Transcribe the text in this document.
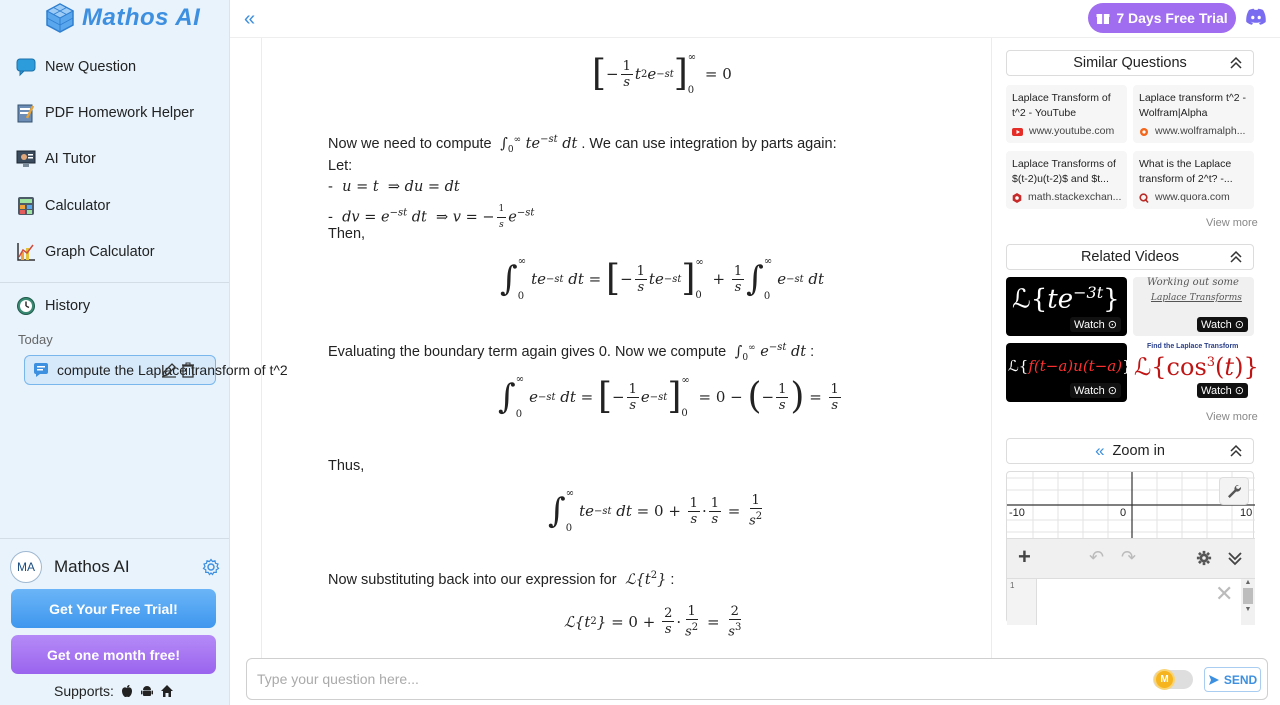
Mathos AI
New Question
PDF Homework Helper
AI Tutor
Calculator
Graph Calculator
History
Today
compute the Laplace transform of t^2
MA	Mathos AI
Get Your Free Trial!
Get one month free!
Supports:
«	7 Days Free Trial
[ − $\frac{1}{s}$ t 2 e −st ] ∞
0
= 0
Now we need to compute  $\int_0^\infty$ $te^{-st}$ dt . We can use integration by parts again:
Let:
-  u = t  ⇒ du = dt
-  dv = $e^{-st}$ dt  ⇒ v = − $\frac{1}{s} e^{-st}$
Then,
∫ ∞
0
te −st dt = [ − $\frac{1}{s}$ te −st ] ∞
0
+ $\frac{1}{s}$ ∫ ∞
0
e −st dt
Evaluating the boundary term again gives 0. Now we compute  $\int_0^\infty$ $e^{-st}$ dt :
∫ ∞
0
e −st dt = [ − $\frac{1}{s}$ e −st ] ∞
0
= 0 − ( − $\frac{1}{s}$ ) = $\frac{1}{s}$
Thus,
∫ ∞
0
te −st dt = $0 + \frac{1}{s} \cdot \frac{1}{s} = \frac{1}{s^2}$
Now substituting back into our expression for  $ℒ\{t^2\}$ :
ℒ{t 2 } = $0 + \frac{2}{s} \cdot \frac{1}{s^2} = \frac{2}{s^3}$
Similar Questions
Laplace Transform of t^2 - YouTube
www.youtube.com
Laplace transform t^2 - Wolfram|Alpha
www.wolframalph...
Laplace Transforms of $(t-2)u(t-2)$ and $t...
math.stackexchan...
What is the Laplace transform of 2^t? -...
www.quora.com
View more
Related Videos
$ℒ\{te^{-3t}\}$
Watch ⊙
Working out some
Laplace Transforms
Watch ⊙
ℒ{f(t−a)u(t−a)}
Watch ⊙
Find the Laplace Transform
$ℒ\{\cos^3(t)\}$
Watch ⊙
View more
« Zoom in
-10	0	10
+	↶ ↷
1	✕	▲
▼
Type your question here...
M	SEND
